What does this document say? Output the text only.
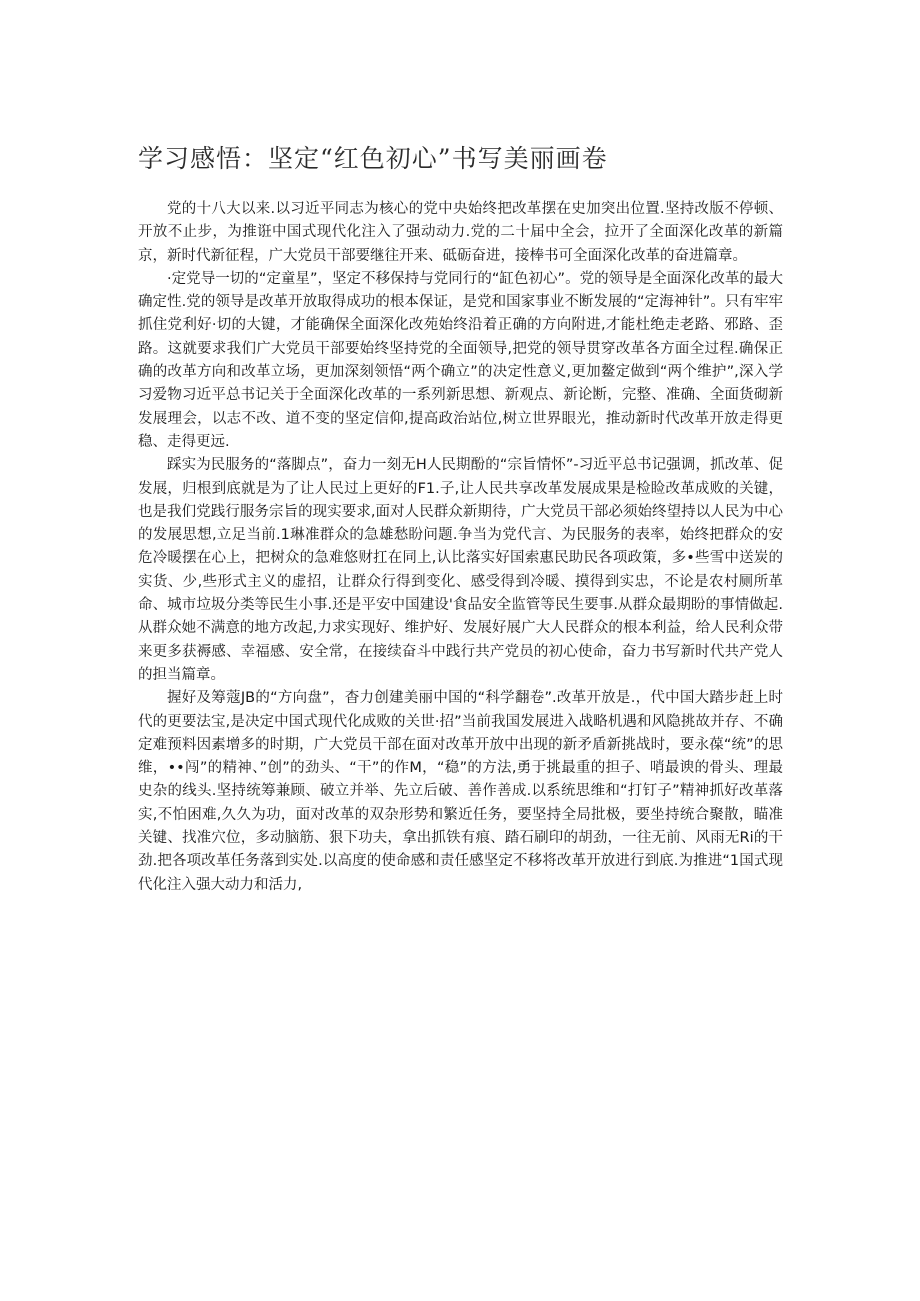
学习感悟：坚定“红色初心”书写美丽画卷

党的十八大以来.以习近平同志为核心的党中央始终把改革摆在史加突出位置.坚持改版不停顿、开放不止步，为推诳中国式现代化注入了强动动力.党的二十届中全会，拉开了全面深化改革的新篇京，新时代新征程，广大党员干部要继往开来、砥砺奋进，接棒书可全面深化改革的奋进篇章。

·定党导一切的“定童星”，坚定不移保持与党同行的“缸色初心”。党的领导是全面深化改革的最大确定性.党的领导是改革开放取得成功的根本保证，是党和国家事业不断发展的“定海神针”。只有牢牢抓住党利好·切的大键，才能确保全面深化改苑始终沿着正确的方向附进,才能杜绝走老路、邪路、歪路。这就要求我们广大党员干部要始终坚持党的全面领导,把党的领导贯穿改革各方面全过程.确保正确的改革方向和改革立场，更加深刻领悟“两个确立”的决定性意义,更加鳌定做到“两个维护”,深入学习爱物习近平总书记关于全面深化改革的一系列新思想、新观点、新论断，完整、准确、全面货砌新发展理会，以志不改、道不变的坚定信仰,提高政治站位,树立世界眼光，推动新时代改革开放走得更稳、走得更远.

踩实为民服务的“落脚点”，奋力一刻无H人民期酚的“宗旨情怀”-习近平总书记强调，抓改革、促发展，归根到底就是为了让人民过上更好的F1.子,让人民共享改革发展成果是检睑改革成败的关键，也是我们党践行服务宗旨的现实要求,面对人民群众新期待，广大党员干部必须始终望持以人民为中心的发展思想,立足当前.1琳准群众的急雄愁盼问题.争当为党代言、为民服务的表率，始终把群众的安危冷暖摆在心上，把树众的急难悠财扛在同上,认比落实好国索惠民助民各项政策，多•些雪中送炭的实货、少,些形式主义的虚招，让群众行得到变化、感受得到冷暖、摸得到实忠，不论是农村厕所革命、城市垃圾分类等民生小事.还是平安中国建设'食品安全监管等民生要事.从群众最期盼的事情做起.从群众她不满意的地方改起,力求实现好、维护好、发展好展广大人民群众的根本利益，给人民利众带来更多获褥感、幸福感、安全常，在接续奋斗中践行共产党员的初心使命，奋力书写新时代共产党人的担当篇章。

握好及筹蔻JB的“方向盘”，杳力创建美丽中国的“科学翻卷”.改革开放是.，代中国大踏步赶上时代的更要法宝,是决定中国式现代化成败的关世·招”当前我国发展进入战略机遇和风隐挑故并存、不确定难预料因素增多的时期，广大党员干部在面对改革开放中出现的新矛盾新挑战时，要永葆“统”的思维，••闯”的精神、”创”的劲头、“干”的作M，“稳”的方法,勇于挑最重的担子、哨最谀的骨头、理最史杂的线头.坚持统筹兼顾、破立并举、先立后破、善作善成.以系统思维和“打钉子”精神抓好改革落实,不怕困难,久久为功，面对改革的双杂形势和繁近任务，要坚持全局批极，要坐持统合聚散，瞄准关键、找准穴位，多动脑筋、狠下功夫，拿出抓铁有痕、踏石刷印的胡劲，一往无前、风雨无Ri的干劲.把各项改革任务落到实处.以高度的使命感和责任感坚定不移将改革开放进行到底.为推进“1国式现代化注入强大动力和活力,
